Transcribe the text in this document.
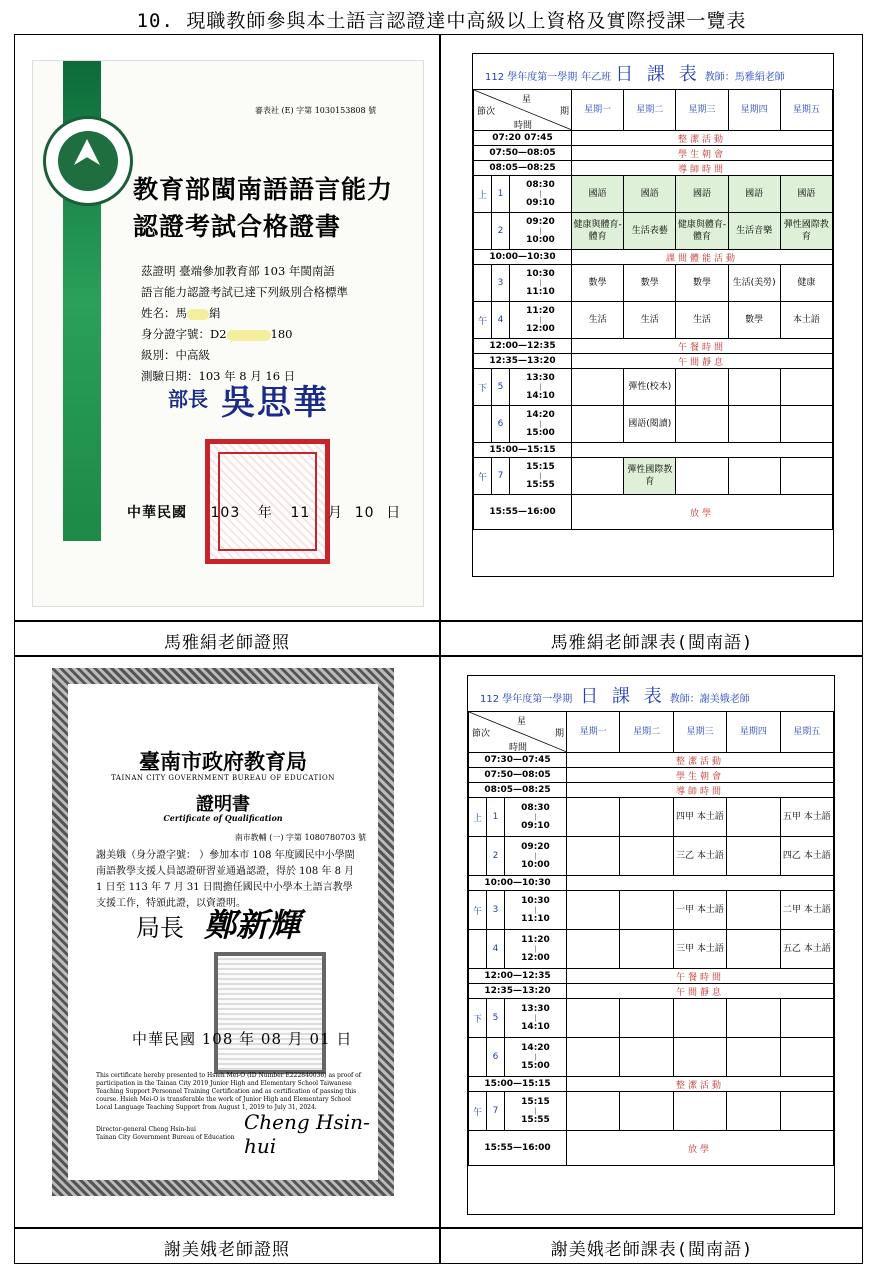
10. 現職教師參與本土語言認證達中高級以上資格及實際授課一覽表
馬雅絹老師證照	馬雅絹老師課表(閩南語)
謝美娥老師證照	謝美娥老師課表(閩南語)
教育部
審表社 (E) 字第 1030153808 號
教育部閩南語語言能力認證考試合格證書
茲證明 臺端參加教育部 103 年閩南語
語言能力認證考試已達下列級別合格標準
姓名：馬 絹
身分證字號：D2	180
級別：中高級
測驗日期：103 年 8 月 16 日
部長 吳思華
中華民國 103 年 11 月 10 日
臺南市政府教育局
TAINAN CITY GOVERNMENT BUREAU OF EDUCATION
證明書
Certificate of Qualification
南市教輔 (一) 字第 1080780703 號
謝美娥（身分證字號： ）參加本市 108 年度國民中小學閩南語教學支援人員認證研習並通過認證，得於 108 年 8 月 1 日至 113 年 7 月 31 日間擔任國民中小學本土語言教學支援工作，特頒此證，以資證明。
局長 鄭新輝
中華民國 108 年 08 月 01 日
This certificate hereby presented to Hsieh Mei-O (ID Number E222840036) as proof of participation in the Tainan City 2019 Junior High and Elementary School Taiwanese Teaching Support Personnel Training Certification and as certification of passing this course. Hsieh Mei-O is transferable the work of Junior High and Elementary School Local Language Teaching Support from August 1, 2019 to July 31, 2024.
Cheng Hsin-hui
Director-general Cheng Hsin-hui
Tainan City Government Bureau of Education
112 學年度第一學期 年乙班 日 課 表 教師：馬雅絹老師
星
節次 期
時間			星期一	星期二	星期三	星期四	星期五
07:20 07:45			整潔活動				
07:50—08:05			學生朝會				
08:05—08:25			導師時間				
上	1	08:30
|
09:10	國語	國語	國語	國語	國語
	2	09:20
|
10:00	健康與體育-體育	生活表藝	健康與體育-體育	生活音樂	彈性國際教育
10:00—10:30			課間體能活動				
	3	10:30
|
11:10	數學	數學	數學	生活(美勞)	健康
午	4	11:20
|
12:00	生活	生活	生活	數學	本土語
12:00—12:35			午餐時間				
12:35—13:20			午間靜息				
下	5	13:30
|
14:10		彈性(校本)			
	6	14:20
|
15:00		國語(閱讀)			
15:00—15:15							
午	7	15:15
|
15:55		彈性國際教育			
15:55—16:00			放學				
112 學年度第一學期 日 課 表 教師：謝美娥老師
星
節次 期
時間			星期一	星期二	星期三	星期四	星期五
07:30—07:45			整潔活動				
07:50—08:05			學生朝會				
08:05—08:25			導師時間				
上	1	08:30
|
09:10			四甲 本土語		五甲 本土語
	2	09:20
|
10:00			三乙 本土語		四乙 本土語
10:00—10:30							
午	3	10:30
|
11:10			一甲 本土語		二甲 本土語
	4	11:20
|
12:00			三甲 本土語		五乙 本土語
12:00—12:35			午餐時間				
12:35—13:20			午間靜息				
下	5	13:30
|
14:10					

	6	14:20
|
15:00					

15:00—15:15			整潔活動				
午	7	15:15
|
15:55					

15:55—16:00			放學				
